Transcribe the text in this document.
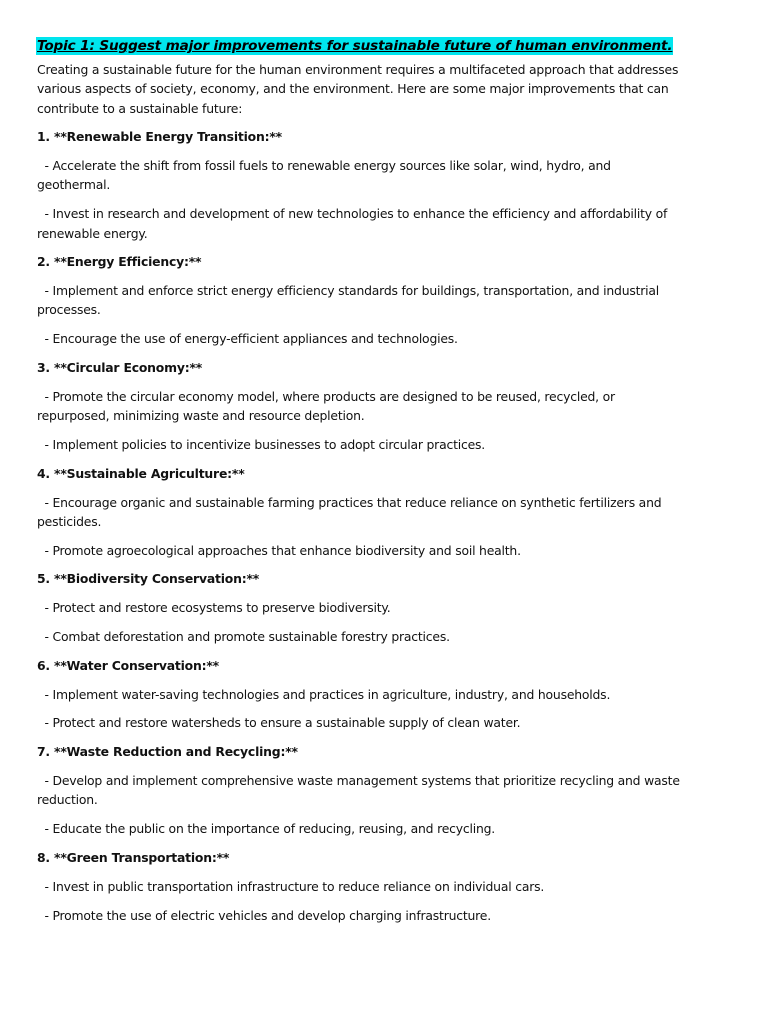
Topic 1: Suggest major improvements for sustainable future of human environment.

Creating a sustainable future for the human environment requires a multifaceted approach that addresses various aspects of society, economy, and the environment. Here are some major improvements that can contribute to a sustainable future:

1. **Renewable Energy Transition:**

- Accelerate the shift from fossil fuels to renewable energy sources like solar, wind, hydro, and geothermal.

- Invest in research and development of new technologies to enhance the efficiency and affordability of renewable energy.

2. **Energy Efficiency:**

- Implement and enforce strict energy efficiency standards for buildings, transportation, and industrial processes.

- Encourage the use of energy-efficient appliances and technologies.

3. **Circular Economy:**

- Promote the circular economy model, where products are designed to be reused, recycled, or repurposed, minimizing waste and resource depletion.

- Implement policies to incentivize businesses to adopt circular practices.

4. **Sustainable Agriculture:**

- Encourage organic and sustainable farming practices that reduce reliance on synthetic fertilizers and pesticides.

- Promote agroecological approaches that enhance biodiversity and soil health.

5. **Biodiversity Conservation:**

- Protect and restore ecosystems to preserve biodiversity.

- Combat deforestation and promote sustainable forestry practices.

6. **Water Conservation:**

- Implement water-saving technologies and practices in agriculture, industry, and households.

- Protect and restore watersheds to ensure a sustainable supply of clean water.

7. **Waste Reduction and Recycling:**

- Develop and implement comprehensive waste management systems that prioritize recycling and waste reduction.

- Educate the public on the importance of reducing, reusing, and recycling.

8. **Green Transportation:**

- Invest in public transportation infrastructure to reduce reliance on individual cars.

- Promote the use of electric vehicles and develop charging infrastructure.
